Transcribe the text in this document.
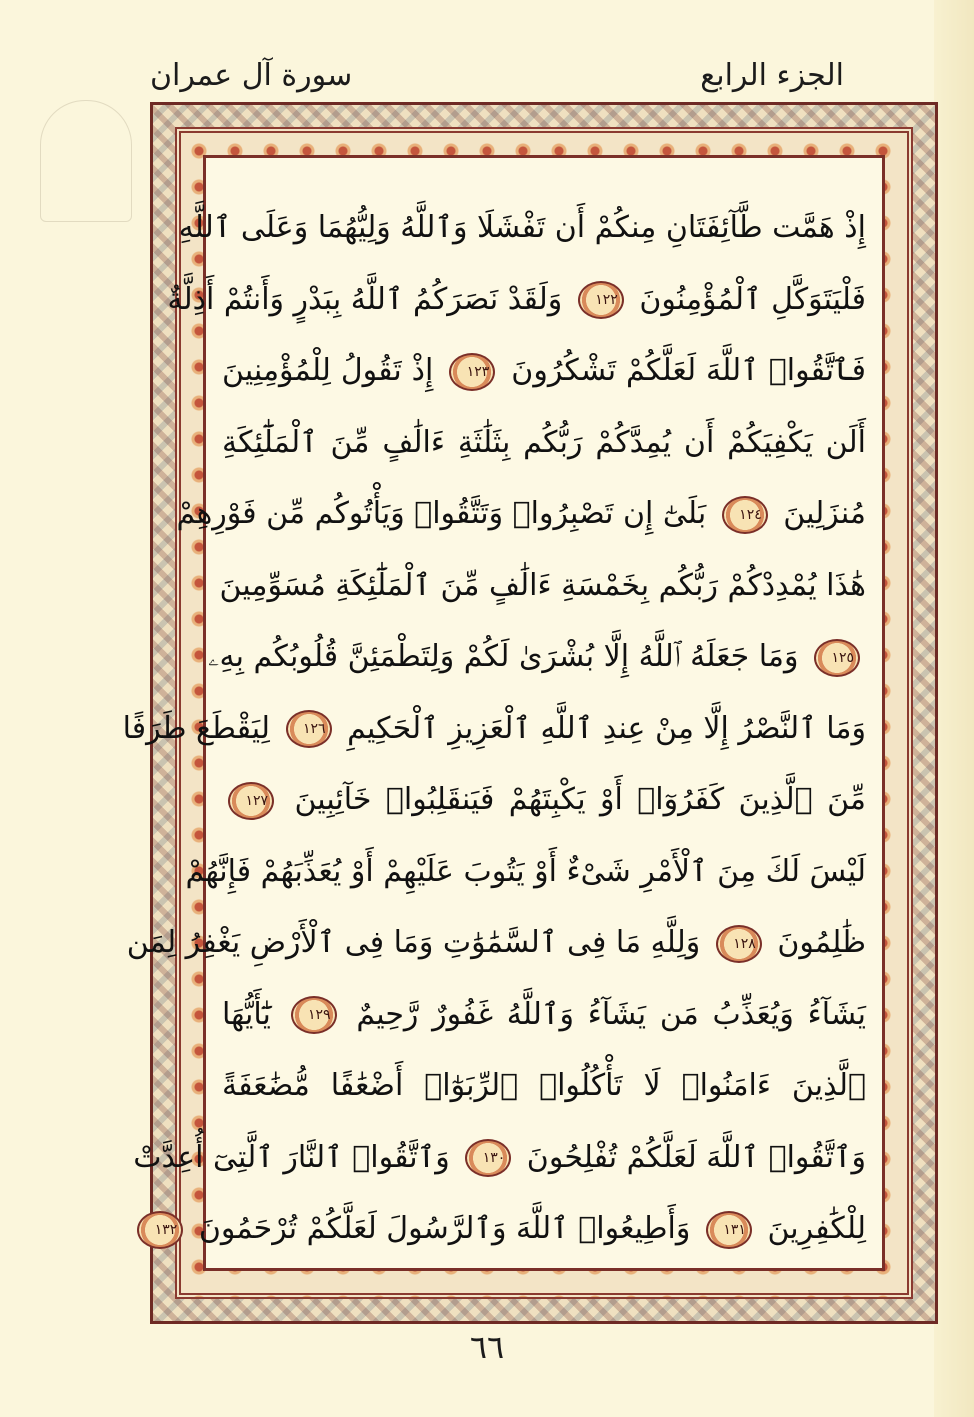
الجزء الرابع
سورة آل عمران
إِذْ هَمَّت طَّآئِفَتَانِ مِنكُمْ أَن تَفْشَلَا وَٱللَّهُ وَلِيُّهُمَا وَعَلَى ٱللَّهِ
فَلْيَتَوَكَّلِ ٱلْمُؤْمِنُونَ ١٢٢ وَلَقَدْ نَصَرَكُمُ ٱللَّهُ بِبَدْرٍ وَأَنتُمْ أَذِلَّةٌ
فَٱتَّقُوا۟ ٱللَّهَ لَعَلَّكُمْ تَشْكُرُونَ ١٢٣ إِذْ تَقُولُ لِلْمُؤْمِنِينَ
أَلَن يَكْفِيَكُمْ أَن يُمِدَّكُمْ رَبُّكُم بِثَلَٰثَةِ ءَالَٰفٍ مِّنَ ٱلْمَلَٰٓئِكَةِ
مُنزَلِينَ ١٢٤ بَلَىٰٓ إِن تَصْبِرُوا۟ وَتَتَّقُوا۟ وَيَأْتُوكُم مِّن فَوْرِهِمْ
هَٰذَا يُمْدِدْكُمْ رَبُّكُم بِخَمْسَةِ ءَالَٰفٍ مِّنَ ٱلْمَلَٰٓئِكَةِ مُسَوِّمِينَ
١٢٥ وَمَا جَعَلَهُ ٱللَّهُ إِلَّا بُشْرَىٰ لَكُمْ وَلِتَطْمَئِنَّ قُلُوبُكُم بِهِۦ
وَمَا ٱلنَّصْرُ إِلَّا مِنْ عِندِ ٱللَّهِ ٱلْعَزِيزِ ٱلْحَكِيمِ ١٢٦ لِيَقْطَعَ طَرَفًا
مِّنَ ٱلَّذِينَ كَفَرُوٓا۟ أَوْ يَكْبِتَهُمْ فَيَنقَلِبُوا۟ خَآئِبِينَ ١٢٧
لَيْسَ لَكَ مِنَ ٱلْأَمْرِ شَىْءٌ أَوْ يَتُوبَ عَلَيْهِمْ أَوْ يُعَذِّبَهُمْ فَإِنَّهُمْ
ظَٰلِمُونَ ١٢٨ وَلِلَّهِ مَا فِى ٱلسَّمَٰوَٰتِ وَمَا فِى ٱلْأَرْضِ يَغْفِرُ لِمَن
يَشَآءُ وَيُعَذِّبُ مَن يَشَآءُ وَٱللَّهُ غَفُورٌ رَّحِيمٌ ١٢٩ يَٰٓأَيُّهَا
ٱلَّذِينَ ءَامَنُوا۟ لَا تَأْكُلُوا۟ ٱلرِّبَوٰٓا۟ أَضْعَٰفًا مُّضَٰعَفَةً
وَٱتَّقُوا۟ ٱللَّهَ لَعَلَّكُمْ تُفْلِحُونَ ١٣٠ وَٱتَّقُوا۟ ٱلنَّارَ ٱلَّتِىٓ أُعِدَّتْ
لِلْكَٰفِرِينَ ١٣١ وَأَطِيعُوا۟ ٱللَّهَ وَٱلرَّسُولَ لَعَلَّكُمْ تُرْحَمُونَ ١٣٢
٦٦
